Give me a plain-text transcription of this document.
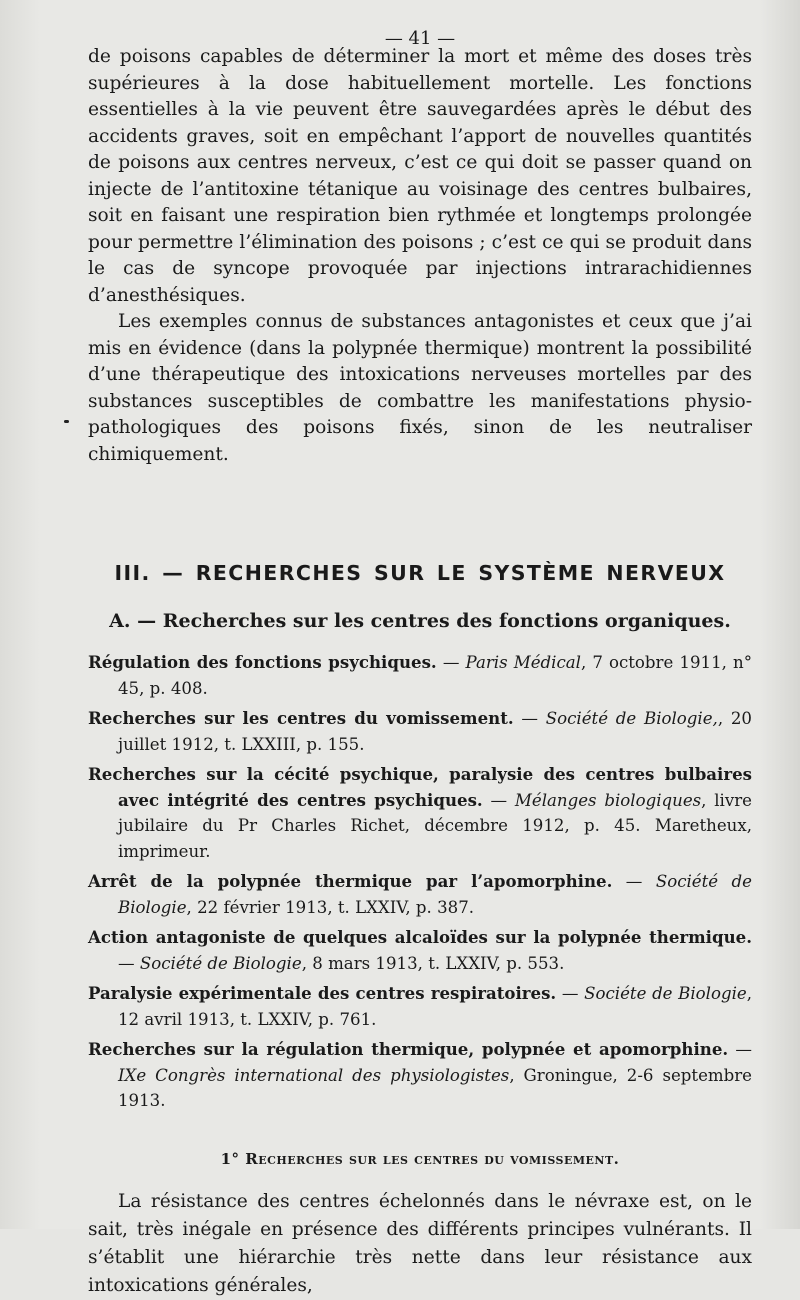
— 41 —

de poisons capables de déterminer la mort et même des doses très supérieures à la dose habituellement mortelle. Les fonctions essentielles à la vie peuvent être sauvegardées après le début des accidents graves, soit en empêchant l’apport de nouvelles quantités de poisons aux centres nerveux, c’est ce qui doit se passer quand on injecte de l’antitoxine tétanique au voisinage des centres bulbaires, soit en faisant une respiration bien rythmée et longtemps prolongée pour permettre l’élimination des poisons ; c’est ce qui se produit dans le cas de syncope provoquée par injections intrarachidiennes d’anesthésiques.

Les exemples connus de substances antagonistes et ceux que j’ai mis en évidence (dans la polypnée thermique) montrent la possibilité d’une thérapeutique des intoxications nerveuses mortelles par des substances susceptibles de combattre les manifestations physio-pathologiques des poisons fixés, sinon de les neutraliser chimiquement.

III. — RECHERCHES SUR LE SYSTÈME NERVEUX
A. — Recherches sur les centres des fonctions organiques.

Régulation des fonctions psychiques. — Paris Médical, 7 octobre 1911, n° 45, p. 408.

Recherches sur les centres du vomissement. — Société de Biologie,, 20 juillet 1912, t. LXXIII, p. 155.

Recherches sur la cécité psychique, paralysie des centres bulbaires avec intégrité des centres psychiques. — Mélanges biologiques, livre jubilaire du Pr Charles Richet, décembre 1912, p. 45. Maretheux, imprimeur.

Arrêt de la polypnée thermique par l’apomorphine. — Société de Biologie, 22 février 1913, t. LXXIV, p. 387.

Action antagoniste de quelques alcaloïdes sur la polypnée thermique. — Société de Biologie, 8 mars 1913, t. LXXIV, p. 553.

Paralysie expérimentale des centres respiratoires. — Sociéte de Biologie, 12 avril 1913, t. LXXIV, p. 761.

Recherches sur la régulation thermique, polypnée et apomorphine. — IXe Congrès international des physiologistes, Groningue, 2-6 septembre 1913.

1° Recherches sur les centres du vomissement.

La résistance des centres échelonnés dans le névraxe est, on le sait, très inégale en présence des différents principes vulnérants. Il s’établit une hiérarchie très nette dans leur résistance aux intoxications générales,
